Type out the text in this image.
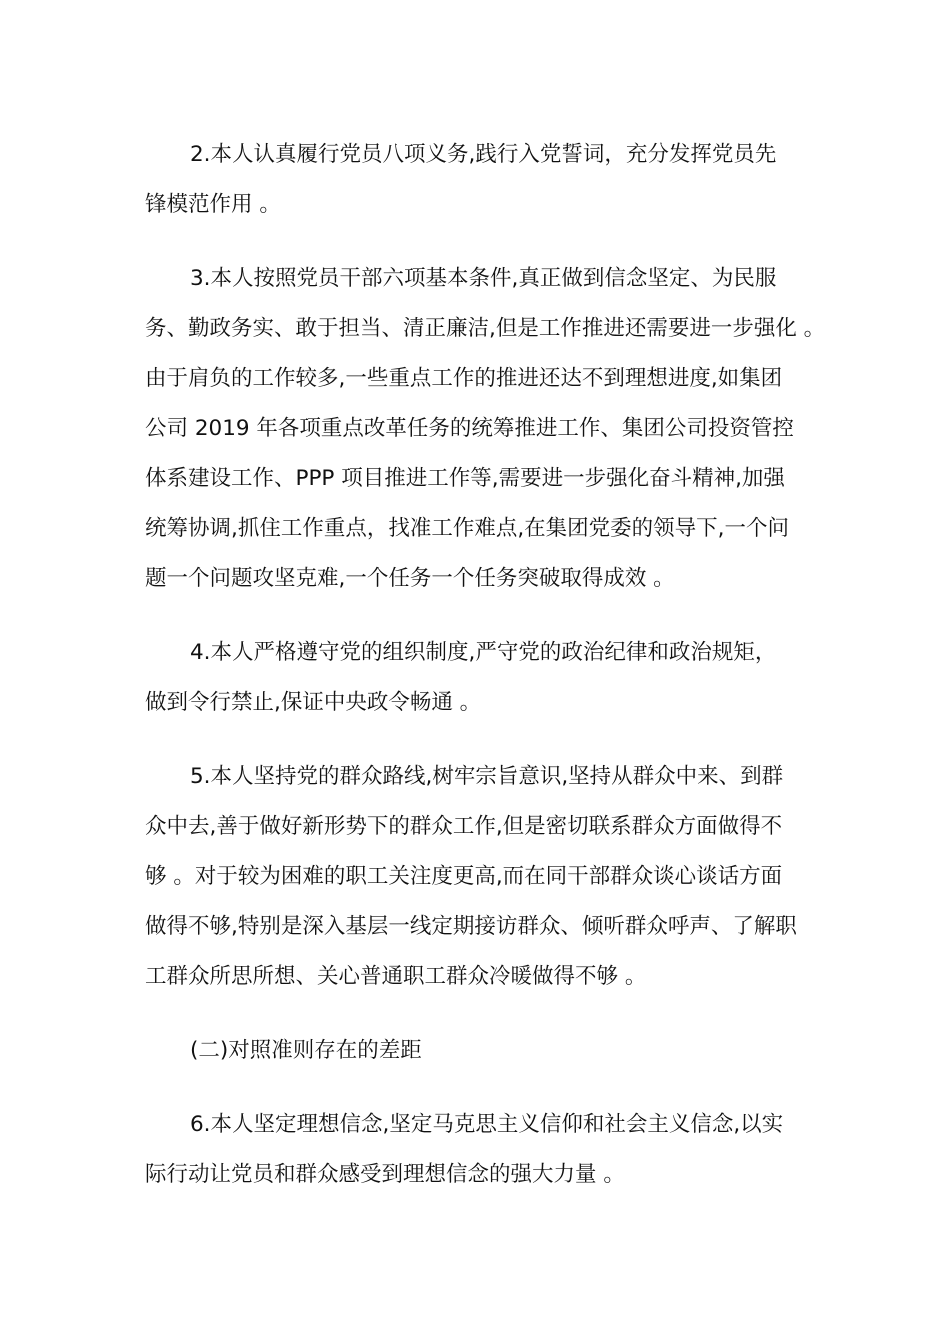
2.本人认真履行党员八项义务,践行入党誓词，充分发挥党员先
锋模范作用 。
3.本人按照党员干部六项基本条件,真正做到信念坚定、为民服
务、勤政务实、敢于担当、清正廉洁,但是工作推进还需要进一步强化 。
由于肩负的工作较多,一些重点工作的推进还达不到理想进度,如集团
公司 2019 年各项重点改革任务的统筹推进工作、集团公司投资管控
体系建设工作、PPP 项目推进工作等,需要进一步强化奋斗精神,加强
统筹协调,抓住工作重点，找准工作难点,在集团党委的领导下,一个问
题一个问题攻坚克难,一个任务一个任务突破取得成效 。
4.本人严格遵守党的组织制度,严守党的政治纪律和政治规矩，
做到令行禁止,保证中央政令畅通 。
5.本人坚持党的群众路线,树牢宗旨意识,坚持从群众中来、到群
众中去,善于做好新形势下的群众工作,但是密切联系群众方面做得不
够 。对于较为困难的职工关注度更高,而在同干部群众谈心谈话方面
做得不够,特别是深入基层一线定期接访群众、倾听群众呼声、了解职
工群众所思所想、关心普通职工群众冷暖做得不够 。
(二)对照准则存在的差距
6.本人坚定理想信念,坚定马克思主义信仰和社会主义信念,以实
际行动让党员和群众感受到理想信念的强大力量 。
